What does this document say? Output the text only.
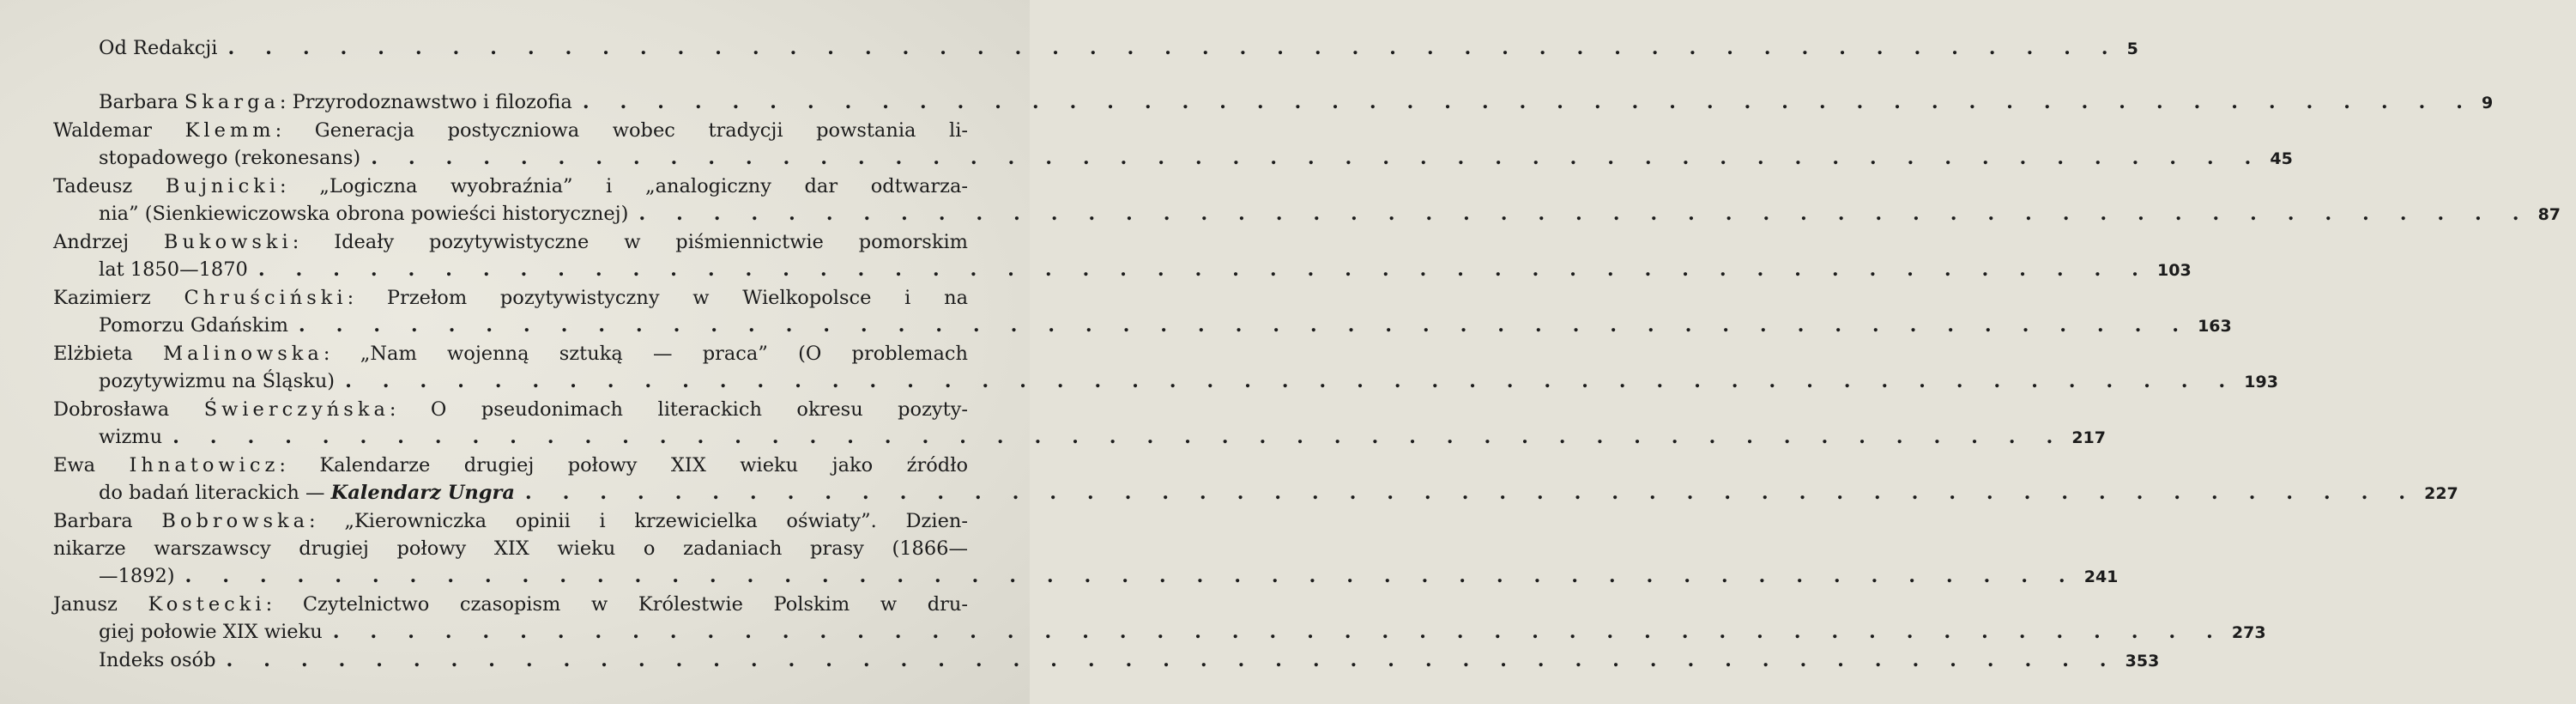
Od Redakcji . . . . . . . . . . . . . . . . . . . . . . . . . . . . . . . . . . . . . . . . . . . . . . . . . . . 5
Barbara Skarga: Przyrodoznawstwo i filozofia . . . . . . . . . . . . . . . . . . . . . . . . . . . . . . . . . . . . . . . . . . . . . . . . . . . 9
Waldemar Klemm: Generacja postyczniowa wobec tradycji powstania li-
stopadowego (rekonesans) . . . . . . . . . . . . . . . . . . . . . . . . . . . . . . . . . . . . . . . . . . . . . . . . . . . 45
Tadeusz Bujnicki: „Logiczna wyobraźnia” i „analogiczny dar odtwarza-
nia” (Sienkiewiczowska obrona powieści historycznej) . . . . . . . . . . . . . . . . . . . . . . . . . . . . . . . . . . . . . . . . . . . . . . . . . . . 87
Andrzej Bukowski: Ideały pozytywistyczne w piśmiennictwie pomorskim
lat 1850—1870 . . . . . . . . . . . . . . . . . . . . . . . . . . . . . . . . . . . . . . . . . . . . . . . . . . . 103
Kazimierz Chruściński: Przełom pozytywistyczny w Wielkopolsce i na
Pomorzu Gdańskim . . . . . . . . . . . . . . . . . . . . . . . . . . . . . . . . . . . . . . . . . . . . . . . . . . . 163
Elżbieta Malinowska: „Nam wojenną sztuką — praca” (O problemach
pozytywizmu na Śląsku) . . . . . . . . . . . . . . . . . . . . . . . . . . . . . . . . . . . . . . . . . . . . . . . . . . . 193
Dobrosława Świerczyńska: O pseudonimach literackich okresu pozyty-
wizmu . . . . . . . . . . . . . . . . . . . . . . . . . . . . . . . . . . . . . . . . . . . . . . . . . . . 217
Ewa Ihnatowicz: Kalendarze drugiej połowy XIX wieku jako źródło
do badań literackich — Kalendarz Ungra . . . . . . . . . . . . . . . . . . . . . . . . . . . . . . . . . . . . . . . . . . . . . . . . . . . 227
Barbara Bobrowska: „Kierowniczka opinii i krzewicielka oświaty”. Dzien-
nikarze warszawscy drugiej połowy XIX wieku o zadaniach prasy (1866—
—1892) . . . . . . . . . . . . . . . . . . . . . . . . . . . . . . . . . . . . . . . . . . . . . . . . . . . 241
Janusz Kostecki: Czytelnictwo czasopism w Królestwie Polskim w dru-
giej połowie XIX wieku . . . . . . . . . . . . . . . . . . . . . . . . . . . . . . . . . . . . . . . . . . . . . . . . . . . 273
Indeks osób . . . . . . . . . . . . . . . . . . . . . . . . . . . . . . . . . . . . . . . . . . . . . . . . . . . 353
